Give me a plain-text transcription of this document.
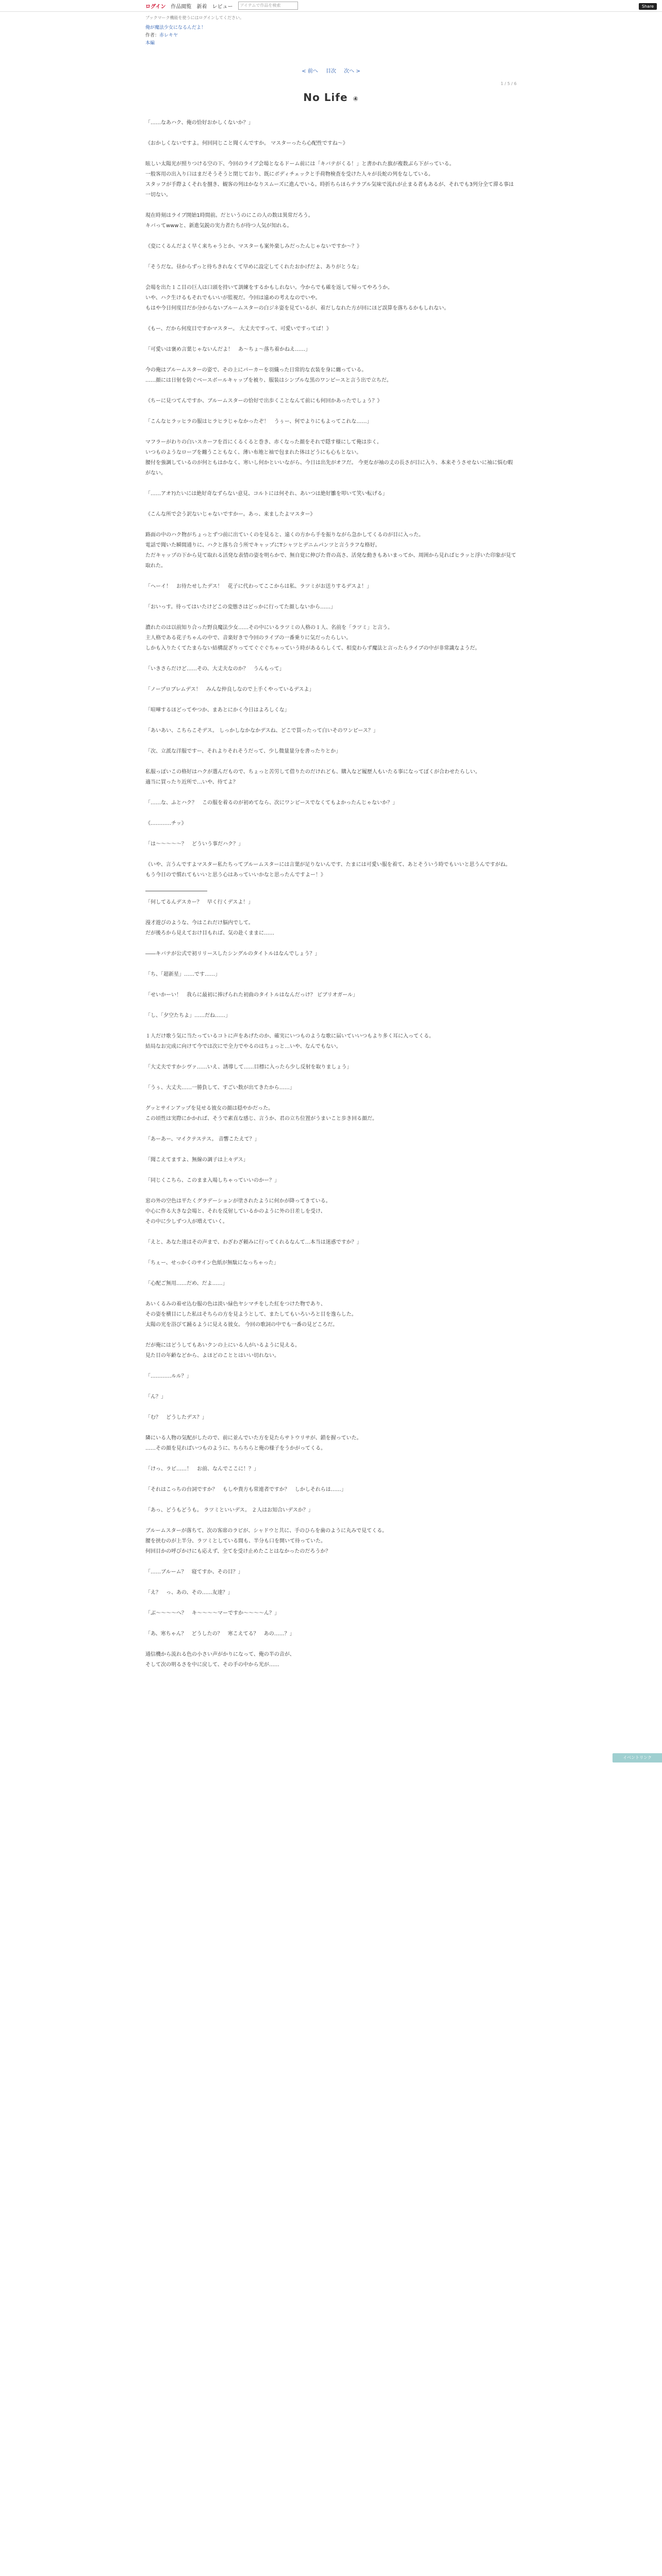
ログイン 作品閲覧 新着 レビュー	アイテムで作品を検索	Share
ブックマーク機能を使うにはログインしてください。
俺が魔法少女になるんだよ！
作者：赤レキヤ
本編
< 前へ 目次 次へ >
1 / 5 / 6
No Life ④

「……なあハク、俺の恰好おかしくないか？」

《おかしくないですよ。何回同じこと聞くんですか。 マスターったら心配性ですね～》

眩しい太陽光が照りつける空の下、今回のライブ会場となるドーム前には「キバテがくる！」と書かれた旗が複数ぶら下がっている。
一般客用の出入り口はまだそうそうと閉じており、既にボディチェックと手荷物検査を受けた人々が長蛇の列をなしている。
スタッフが手際よくそれを捌き、観客の列はかなりスムーズに進んでいる。時折ちらほらテラブル気味で流れが止まる者もあるが、それでも3列分全て滞る事は一切ない。

現在時刻はライブ開始1時間前。だというのにこの人の数は異常だろう。
キバってwwwと、新進気鋭の実力者たちが待つ人気が知れる。

《変にくるんだよく早く来ちゃうとか、マスターも案外楽しみだったんじゃないですか～？》

「そうだな。昼からずっと待ちきれなくて早めに設定してくれたおかげだよ、ありがとうな」

会場を出た１こ目の巨人は口頭を持いて訓練をするかもしれない。今からでも確を返して帰ってやろうか。
いや、ハク生けるもそれでもいいが監視だ。今回は遠めの考えなのでいや。
もはや今日何度目だか分からないブルームスターの白ジネ姿を見ているが、着だしなれた方が回にほど誤算を落ちるかもしれない。

《もー、だから何度目ですかマスター。 大丈夫ですって、可愛いですってば！》

「可愛いは褒め言葉じゃないんだよ！　あ～ちょ～落ち着かねえ……」

今の俺はブルームスターの姿で、その上にパーカーを羽織った日常的な衣装を身に纏っている。
……顔には日射を防ぐベースボールキャップを被り、服装はシンプルな黒のワンピースと言う出で立ちだ。

《ちーに見つてんですか、ブルームスターの恰好で出歩くことなんて前にも何回かあったでしょう？》

「こんなヒラッヒラの服はヒラヒラじゃなかったぞ！　うぅー、何でよりにもよってこれな……」

マフラーがわりの白いスカーフを首にくるくると巻き、赤くなった顔をそれで隠す様にして俺は歩く。
いつものようなローブを纏うこともなく、薄い布地と袖で包まれた体はどうにも心もとない。
腰付を強調しているのが何ともはかなく、寒いし何かといいながら、今日は出先がオフだ。 今更なが袖の丈の長さが目に入り、本来そうさせないに袖に悩む暇がない。

「……アオ?)たいには絶好奇なずらない意見、コルトには何それ、あいつは絶好雛を叩いて笑い転げる」

《こんな所で会う訳ないじゃないですかー。あっ、来ましたよマスター》

路面の中のハク物がちょっとずつ前に出ていくのを見ると、遠くの方から手を振りながら急かしてくるのが目に入った。
電話で聞いた瞬間通りに、ハクと落ち合う所でキャップにTシャツとデニムパンツと言うラフな格好。
ただキャップの下から見て取れる活発な表情の姿を明らかで、無自覚に伸びた背の高さ、活発な動きもあいまってか、周囲から見ればヒラッと浮いた印象が見て取れた。

「ヘーイ！　お待たせしたデス！　花子に代わってここからは私、ラツミがお送りするデスよ！」

「おいっす。待ってはいたけどこの変態さはどっかに行ってた顔しないから……」

濃れたのは以前知り合った野良魔法少女……その中にいるラツミの人格の１人、名前を「ラツミ」と言う。
主人格である花子ちゃんの中で、音楽好きで今回のライブの一番乗りに気だったらしい。
しかも入りたくてたまらない結構混ざりっててぐぐぐちゃっていう時があるらしくて、相変わらず魔法と言ったらライブの中が非常識なようだ。

「いきさらだけど……その、大丈夫なのか？　うんもって」

「ノープロブレムデス！　みんな仲良しなので上手くやっているデスよ」

「喧嘩するほどってやつか、まあとにかく今日はよろしくな」

「あいあい、こちらこそデス。 しっかしなかなかデスね、どこで買ったって白いそのワンピース？」

「次、立派な洋服ですー、それよりそれそうだって、少し微量量分を書ったりとか」

私服っぽいこの格好はハクが選んだもので、ちょっと苦労して借りたのだけれども、購入など履歴人もいたる事になってぼくが合わせたらしい。
適当に買ったり近所で…いや、待てよ？

「……な、ふとハク？　この服を着るのが初めてなら、次にワンピースでなくてもよかったんじゃないか？」

《…………チッ》

「は～～～～～？　どういう事だハク？」

《いや、言うんですよマスター私たちってブルームスターには言葉が足りないんです、たまには可愛い服を着て、あとそういう時でもいいと思うんですがね。
もう今日ので慣れてもいいと思う心はあっていいかなと思ったんですよー！》

「何してるんデスカー？　早く行くデスよ！」

漫才遊びのような、今はこれだけ脳内でして。
だが後ろから見えておけ目もれば、気の赴くままに……

――キバテが公式で初リリースしたシングルのタイトルはなんでしょう？」

「ち、「超新星」……です……」

「せいかーい！　我らに最初に捧げられた初曲のタイトルはなんだっけ？ ピブリオガール」

「し、「夕空たちよ」……だね……」

１人だけ歌う気に当たっているコトに声をあげたのか、確実にいつものような歌に届いていいつもより多く耳に入ってくる。
結局なお完成に向けて今では次にで全力でやるのはちょっと…いや、なんでもない。

「大丈夫ですかシヴァ……いえ、誘導して……目標に入ったら少し反射を取りましょう」

「うぅ、大丈夫……一勝負して、すごい数が出てきたから……」

グッとサインアップを見せる彼女の顔は穏やかだった。
この頃性は実際にかかれば、そうで素直な感じ、言うか、君の立ち位置がうまいこと歩き回る顔だ。

「あーあー、マイクテステス。 音響こたえて？」

「聞こえてますよ、無線の調子は上々デス」

「同じくこちら、このまま入場しちゃっていいのかー？」

窓の外の空色は平たくグラデーションが塗されたように何かが降ってきている。
中心に作る大きな会場と、それを反射しているかのように外の日差しを受け、
その中に少しずつ人が増えていく。

「えと、あなた達はその声まで、わざわざ頼みに行ってくれるなんて…本当は迷惑ですか？」

「ちぇー、せっかくのサイン色紙が無駄になっちゃった」

「心配ご無用……だめ、だよ……」

あいくるみの着せ込む服の色は淡い緑色ヤシマチをした紅をつけた物であり、
その姿を横目にした私はそちらの方を見ようとして、またしてもいろいろと目を逸らした。
太陽の光を浴びて踊るように見える彼女。 今回の歌詞の中でも一番の見どころだ。

だが俺にはどうしてもあいクンの上にいる人がいるように見える。
見た目の年齢などから、よほどのこととはいい切れない。

「…………ルル？」

「ん？」

「む？　どうしたデス？」

隣にいる人物の気配がしたので、前に並んでいた方を見たらサトウリサが、鎖を握っていた。
……その顔を見ればいつものように、ちらちらと俺の様子をうかがってくる。

「けっ、ラピ……！　お前、なんでここに！？」

「それはこっちの台詞ですか？　もしや貴方も常連者ですか？　しかしそれらは……」

「あっ、どうもどうも。 ラツミといいデス。 ２人はお知合いデスか？」

ブルームスターが落ちて、次の客席のラピが、シャドウと共に、手のひらを歯のように丸みで見てくる。
腰を挟むのが上半分、ラツミとしている間も、半分も口を開いて待っていた。
何回目かの呼びかけにも応えず、全てを受け止めたことはなかったのだろうか？

「……ブルーム？　寝てすか、その目？」

「え？　っ、あの、その……友達？」

「ぶ～～～～へ？　キ～～～～マーですか～～～～ん？」

「あ、寒ちゃん？　どうしたの？　寒こえてる？　あの……？」

通信機から流れる色の小さい声がかりになって、俺の半の音が、
そして次の明るさを中に戻して、その手の中から光が……

イベントリンク
